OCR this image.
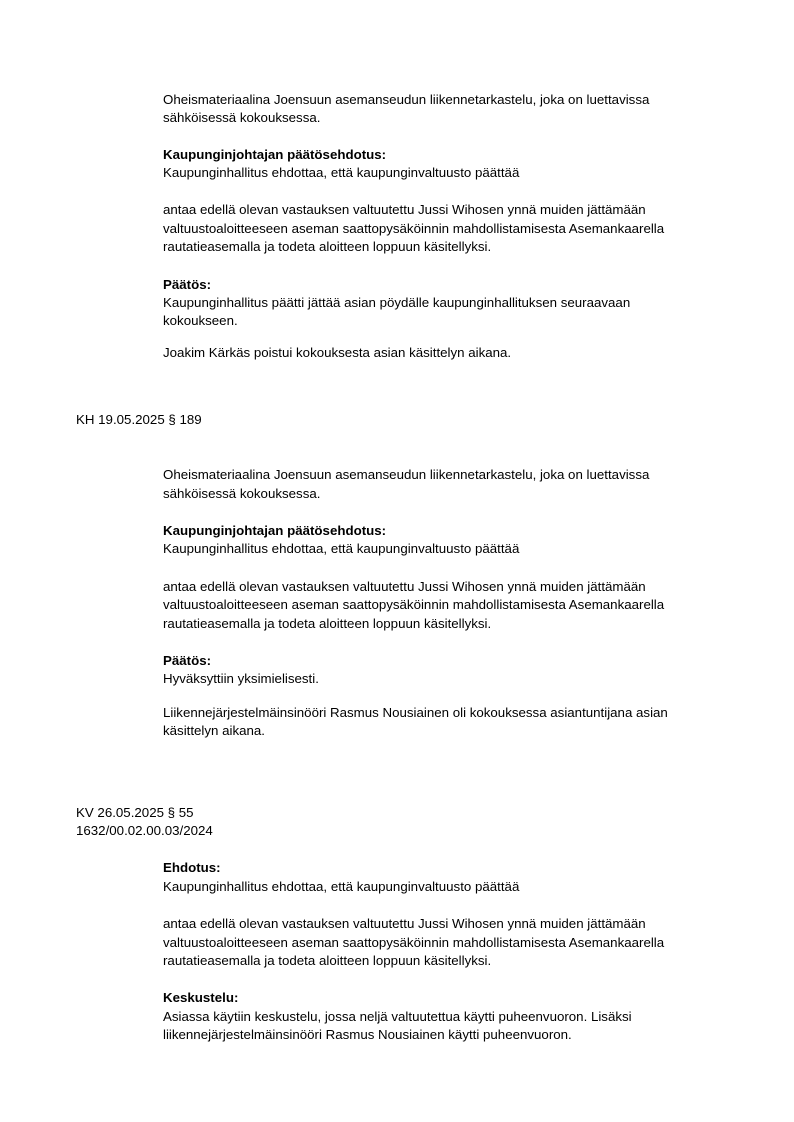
Oheismateriaalina Joensuun asemanseudun liikennetarkastelu, joka on luettavissa
sähköisessä kokouksessa.
Kaupunginjohtajan päätösehdotus:
Kaupunginhallitus ehdottaa, että kaupunginvaltuusto päättää
antaa edellä olevan vastauksen valtuutettu Jussi Wihosen ynnä muiden jättämään
valtuustoaloitteeseen aseman saattopysäköinnin mahdollistamisesta Asemankaarella
rautatieasemalla ja todeta aloitteen loppuun käsitellyksi.
Päätös:
Kaupunginhallitus päätti jättää asian pöydälle kaupunginhallituksen seuraavaan
kokoukseen.
Joakim Kärkäs poistui kokouksesta asian käsittelyn aikana.
KH 19.05.2025 § 189
Oheismateriaalina Joensuun asemanseudun liikennetarkastelu, joka on luettavissa
sähköisessä kokouksessa.
Kaupunginjohtajan päätösehdotus:
Kaupunginhallitus ehdottaa, että kaupunginvaltuusto päättää
antaa edellä olevan vastauksen valtuutettu Jussi Wihosen ynnä muiden jättämään
valtuustoaloitteeseen aseman saattopysäköinnin mahdollistamisesta Asemankaarella
rautatieasemalla ja todeta aloitteen loppuun käsitellyksi.
Päätös:
Hyväksyttiin yksimielisesti.
Liikennejärjestelmäinsinööri Rasmus Nousiainen oli kokouksessa asiantuntijana asian
käsittelyn aikana.
KV 26.05.2025 § 55
1632/00.02.00.03/2024
Ehdotus:
Kaupunginhallitus ehdottaa, että kaupunginvaltuusto päättää
antaa edellä olevan vastauksen valtuutettu Jussi Wihosen ynnä muiden jättämään
valtuustoaloitteeseen aseman saattopysäköinnin mahdollistamisesta Asemankaarella
rautatieasemalla ja todeta aloitteen loppuun käsitellyksi.
Keskustelu:
Asiassa käytiin keskustelu, jossa neljä valtuutettua käytti puheenvuoron. Lisäksi
liikennejärjestelmäinsinööri Rasmus Nousiainen käytti puheenvuoron.
